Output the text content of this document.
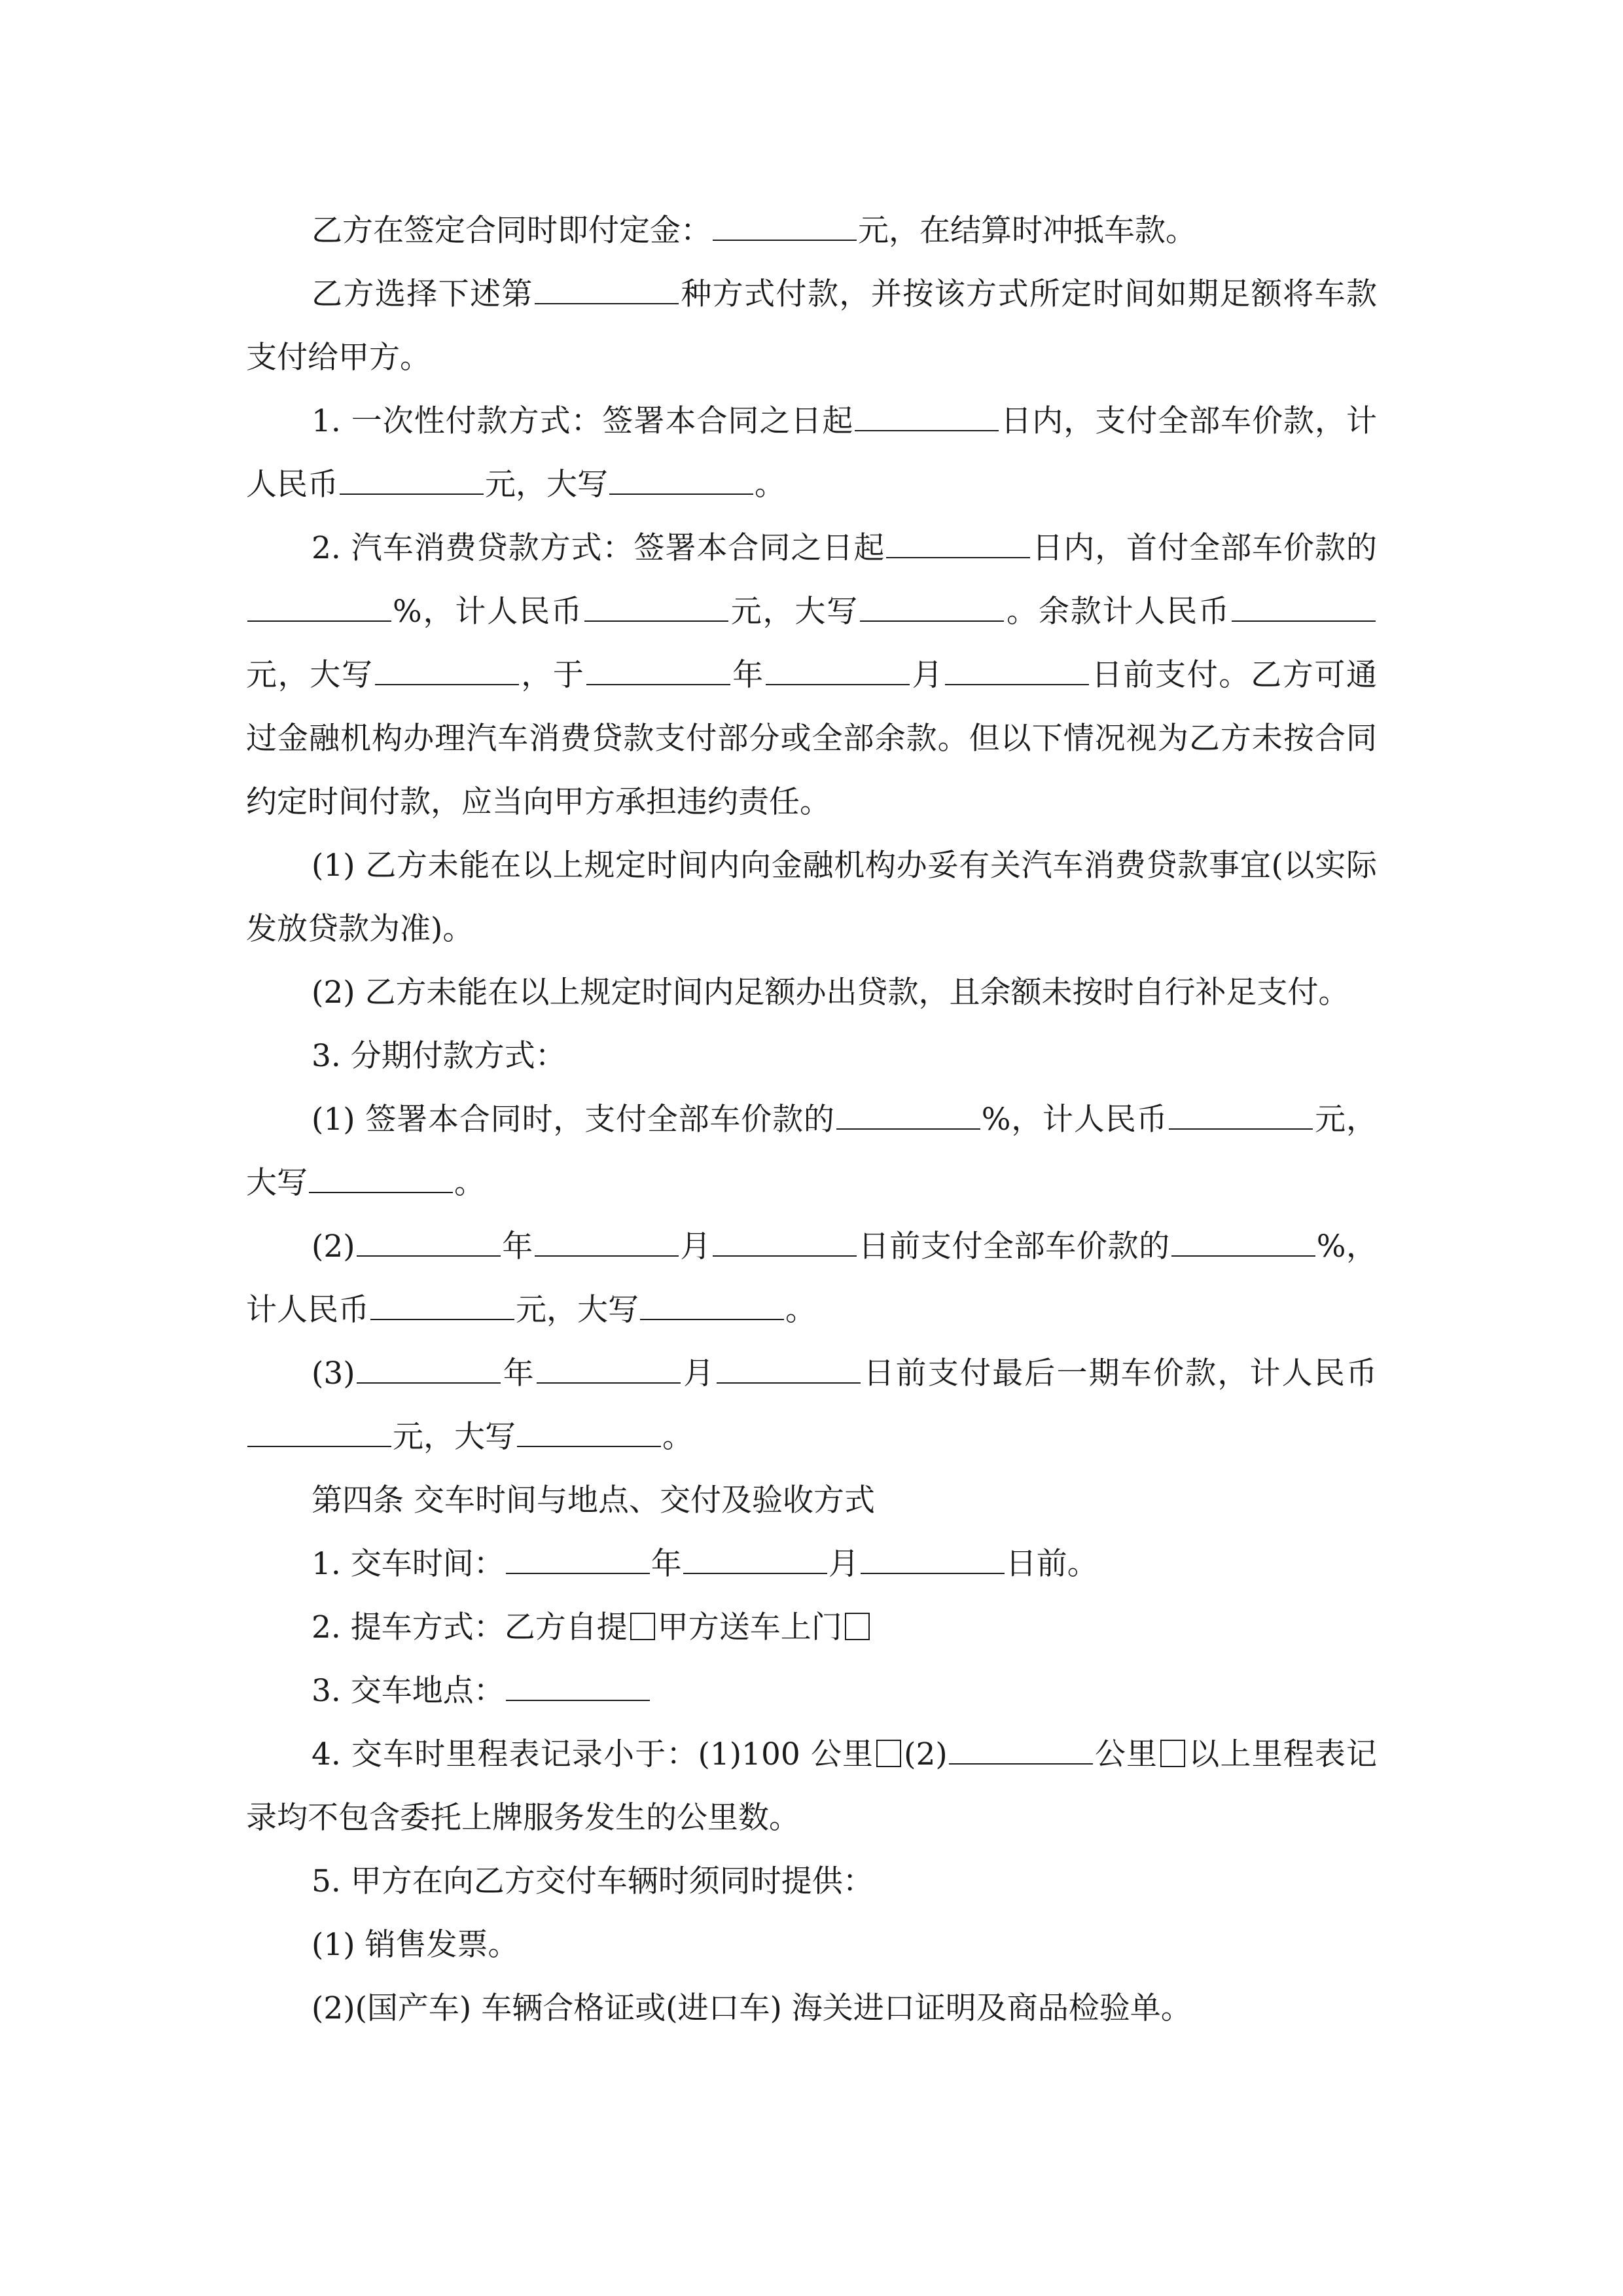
乙方在签定合同时即付定金：	元，在结算时冲抵车款。

乙方选择下述第	种方式付款，并按该方式所定时间如期足额将车款支付给甲方。

1. 一次性付款方式：签署本合同之日起	日内，支付全部车价款，计人民币	元，大写	。

2. 汽车消费贷款方式：签署本合同之日起	日内，首付全部车价款的%，计人民币	元，大写	。余款计人民币元，大写	，于	年	月	日前支付。乙方可通过金融机构办理汽车消费贷款支付部分或全部余款。但以下情况视为乙方未按合同约定时间付款，应当向甲方承担违约责任。

(1) 乙方未能在以上规定时间内向金融机构办妥有关汽车消费贷款事宜(以实际发放贷款为准)。

(2) 乙方未能在以上规定时间内足额办出贷款，且余额未按时自行补足支付。

3. 分期付款方式：

(1) 签署本合同时，支付全部车价款的	%，计人民币	元，大写	。

(2)	年	月	日前支付全部车价款的	%，计人民币	元，大写	。

(3)	年	月	日前支付最后一期车价款，计人民币元，大写	。

第四条 交车时间与地点、交付及验收方式

1. 交车时间：	年	月	日前。

2. 提车方式：乙方自提 甲方送车上门

3. 交车地点：

4. 交车时里程表记录小于：(1)100 公里 (2)	公里 以上里程表记录均不包含委托上牌服务发生的公里数。

5. 甲方在向乙方交付车辆时须同时提供：

(1) 销售发票。

(2)(国产车) 车辆合格证或(进口车) 海关进口证明及商品检验单。
